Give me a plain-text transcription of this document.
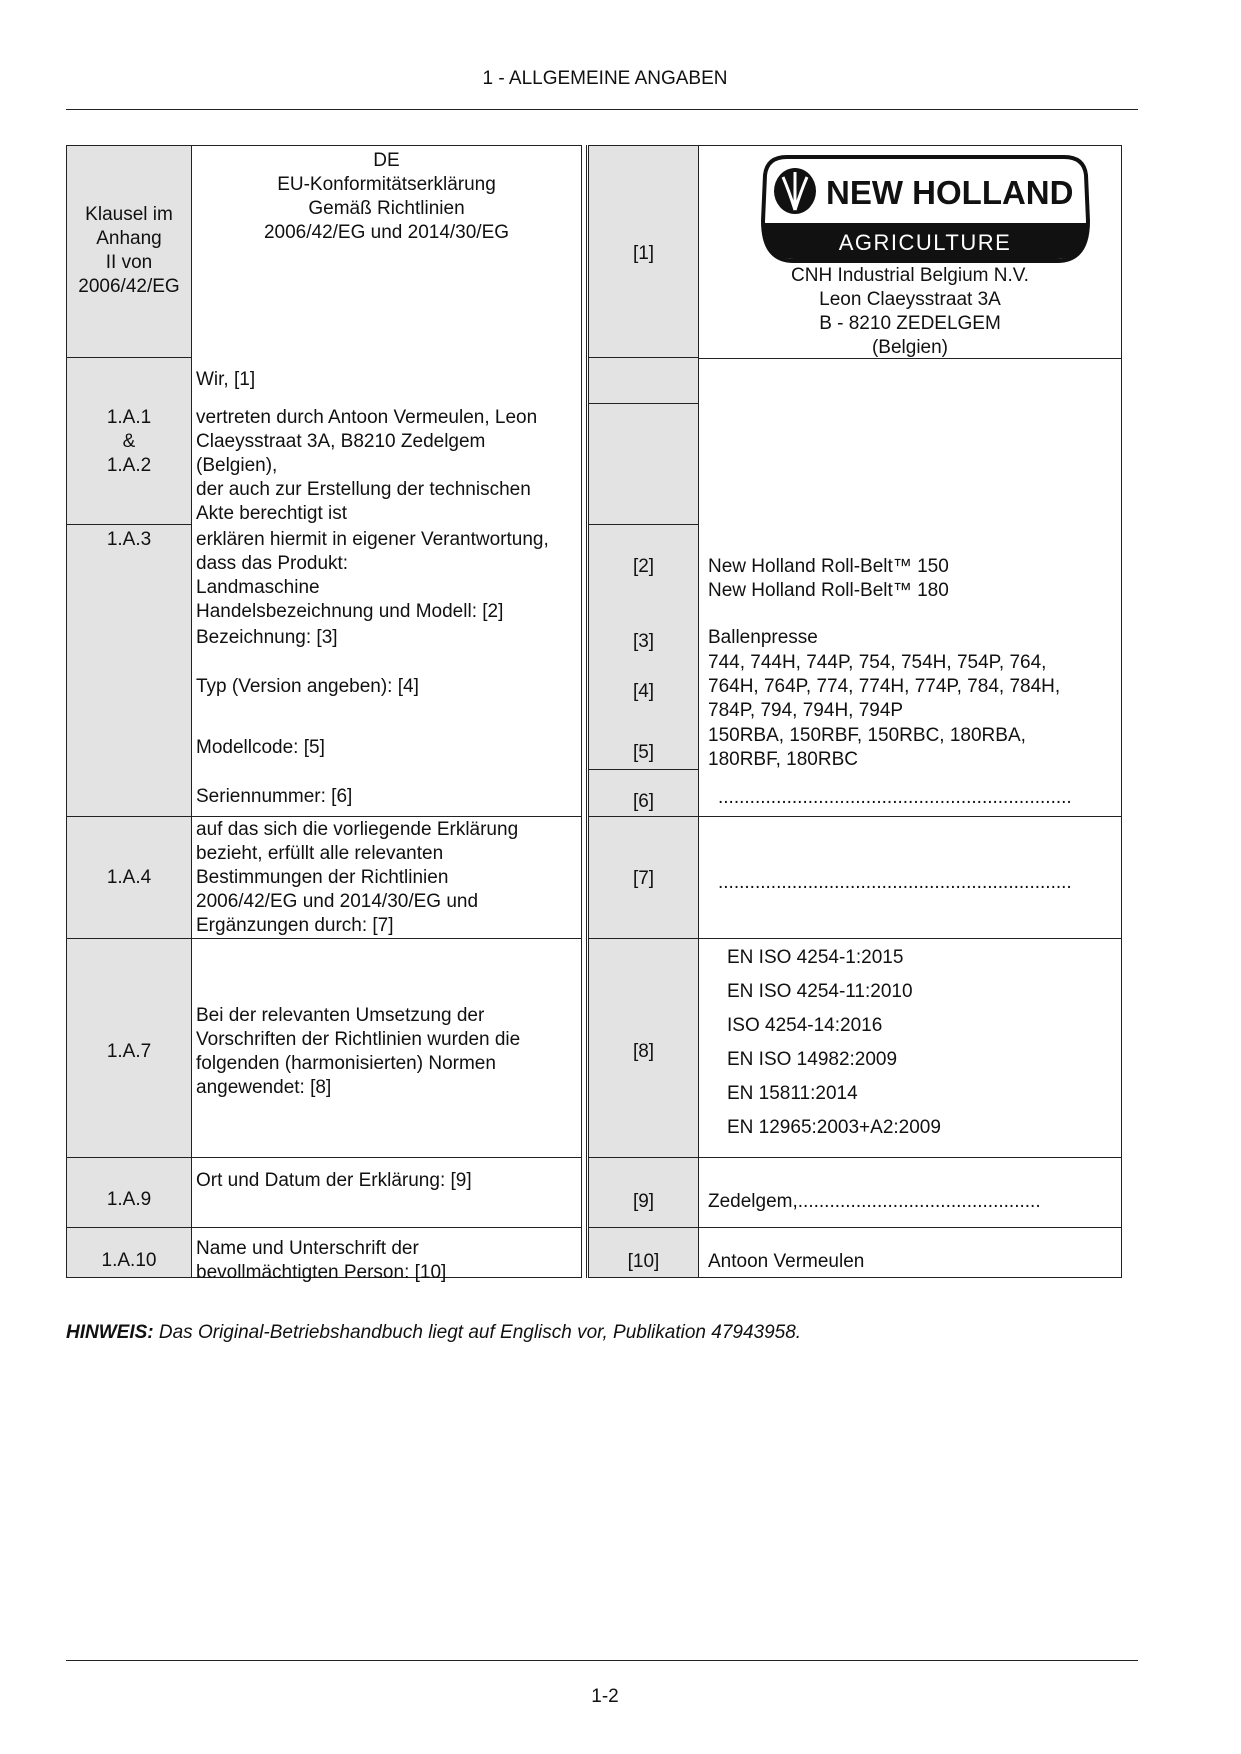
1 - ALLGEMEINE ANGABEN
Klausel im
Anhang
II von
2006/42/EG
DE
EU-Konformitätserklärung
Gemäß Richtlinien
2006/42/EG und 2014/30/EG
Wir, [1]
1.A.1
&
1.A.2
vertreten durch Antoon Vermeulen, Leon
Claeysstraat 3A, B8210 Zedelgem
(Belgien),
der auch zur Erstellung der technischen
Akte berechtigt ist
1.A.3	erklären hiermit in eigener Verantwortung,
dass das Produkt:
Landmaschine
Handelsbezeichnung und Modell: [2]
Bezeichnung: [3]
Typ (Version angeben): [4]
Modellcode: [5]
Seriennummer: [6]
1.A.4
auf das sich die vorliegende Erklärung
bezieht, erfüllt alle relevanten
Bestimmungen der Richtlinien
2006/42/EG und 2014/30/EG und
Ergänzungen durch: [7]
1.A.7
Bei der relevanten Umsetzung der
Vorschriften der Richtlinien wurden die
folgenden (harmonisierten) Normen
angewendet: [8]
1.A.9
Ort und Datum der Erklärung: [9]
1.A.10
Name und Unterschrift der
bevollmächtigten Person: [10]
[1]
[2]
[3]
[4]
[5]
[6]
[7]
[8]
[9]
[10]
NEW HOLLAND
AGRICULTURE
CNH Industrial Belgium N.V.
Leon Claeysstraat 3A
B - 8210 ZEDELGEM
(Belgien)
New Holland Roll-Belt™ 150
New Holland Roll-Belt™ 180
Ballenpresse
744, 744H, 744P, 754, 754H, 754P, 764,
764H, 764P, 774, 774H, 774P, 784, 784H,
784P, 794, 794H, 794P
150RBA, 150RBF, 150RBC, 180RBA,
180RBF, 180RBC
...................................................................
...................................................................
EN ISO 4254-1:2015
EN ISO 4254-11:2010
ISO 4254-14:2016
EN ISO 14982:2009
EN 15811:2014
EN 12965:2003+A2:2009
Zedelgem,..............................................
Antoon Vermeulen
HINWEIS: Das Original-Betriebshandbuch liegt auf Englisch vor, Publikation 47943958.
1-2
